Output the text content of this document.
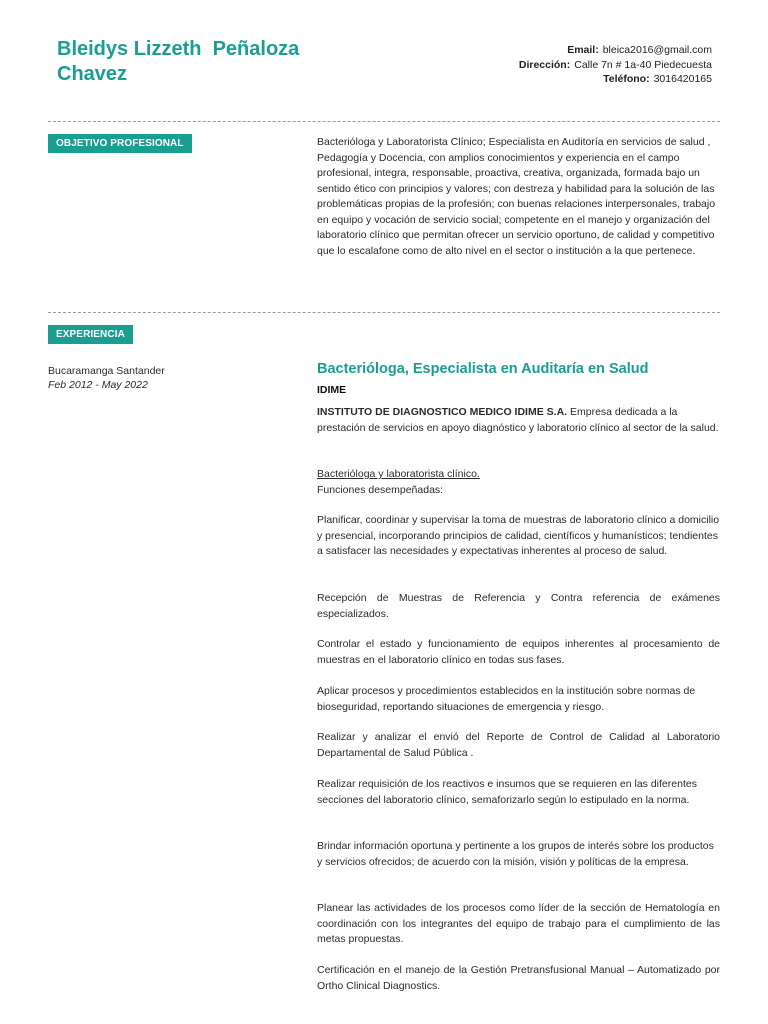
Bleidys Lizzeth  Peñaloza
Chavez
Email: bleica2016@gmail.com
Dirección: Calle 7n # 1a-40 Piedecuesta
Teléfono: 3016420165
OBJETIVO PROFESIONAL	Bacterióloga y Laboratorista Clínico; Especialista en Auditoría en servicios de salud , Pedagogía y Docencia, con amplios conocimientos y experiencia en el campo profesional, integra, responsable, proactiva, creativa, organizada, formada bajo un sentido ético con principios y valores; con destreza y habilidad para la solución de las problemáticas propias de la profesión; con buenas relaciones interpersonales, trabajo en equipo y vocación de servicio social; competente en el manejo y organización del laboratorio clínico que permitan ofrecer un servicio oportuno, de calidad y competitivo que lo escalafone como de alto nivel en el sector o institución a la que pertenece.
EXPERIENCIA
Bucaramanga Santander
Feb 2012 - May 2022
Bacterióloga, Especialista en Auditaría en Salud
IDIME
INSTITUTO DE DIAGNOSTICO MEDICO IDIME S.A. Empresa dedicada a la prestación de servicios en apoyo diagnóstico y laboratorio clínico al sector de la salud.
Bacterióloga y laboratorista clínico.
Funciones desempeñadas:
Planificar, coordinar y supervisar la toma de muestras de laboratorio clínico a domicilio y presencial, incorporando principios de calidad, científicos y humanísticos; tendientes a satisfacer las necesidades y expectativas inherentes al proceso de salud.
Recepción de Muestras de Referencia y Contra referencia de exámenes especializados.
Controlar el estado y funcionamiento de equipos inherentes al procesamiento de muestras en el laboratorio clínico en todas sus fases.
Aplicar procesos y procedimientos establecidos en la institución sobre normas de bioseguridad, reportando situaciones de emergencia y riesgo.
Realizar y analizar el envió del Reporte de Control de Calidad al Laboratorio Departamental de Salud Pública .
Realizar requisición de los reactivos e insumos que se requieren en las diferentes secciones del laboratorio clínico, semaforizarlo según lo estipulado en la norma.
Brindar información oportuna y pertinente a los grupos de interés sobre los productos y servicios ofrecidos; de acuerdo con la misión, visión y políticas de la empresa.
Planear las actividades de los procesos como líder de la sección de Hematología en coordinación con los integrantes del equipo de trabajo para el cumplimiento de las metas propuestas.
Certificación en el manejo de la Gestión Pretransfusional Manual – Automatizado por Ortho Clinical Diagnostics.
